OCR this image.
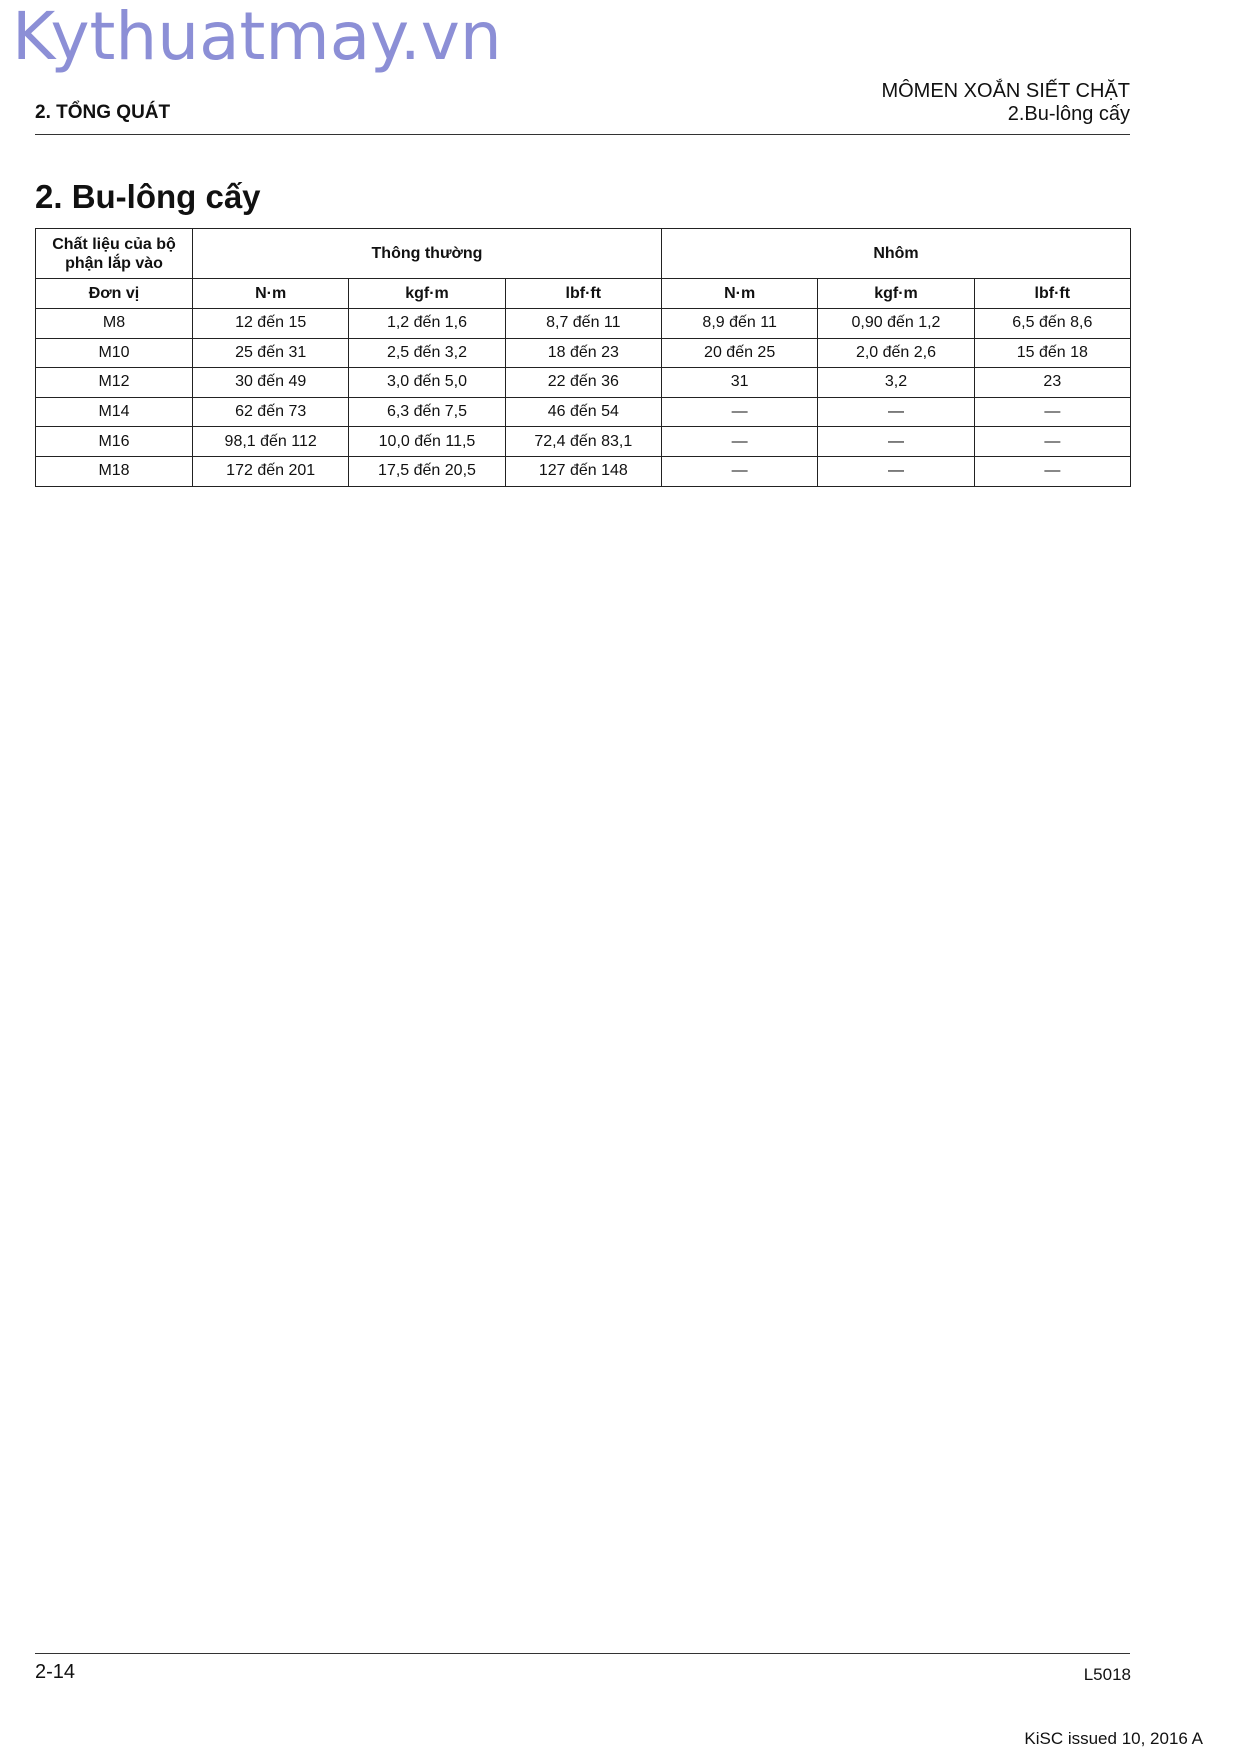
Kythuatmay.vn
MÔMEN XOẮN SIẾT CHẶT
2.Bu-lông cấy
2. TỔNG QUÁT
2. Bu-lông cấy
Chất liệu của bộ phận lắp vào	Thông thường			Nhôm		
Đơn vị	N·m	kgf·m	lbf·ft	N·m	kgf·m	lbf·ft
M8	12 đến 15	1,2 đến 1,6	8,7 đến 11	8,9 đến 11	0,90 đến 1,2	6,5 đến 8,6
M10	25 đến 31	2,5 đến 3,2	18 đến 23	20 đến 25	2,0 đến 2,6	15 đến 18
M12	30 đến 49	3,0 đến 5,0	22 đến 36	31	3,2	23
M14	62 đến 73	6,3 đến 7,5	46 đến 54	—	—	—
M16	98,1 đến 112	10,0 đến 11,5	72,4 đến 83,1	—	—	—
M18	172 đến 201	17,5 đến 20,5	127 đến 148	—	—	—
2-14	L5018
KiSC issued 10, 2016 A
